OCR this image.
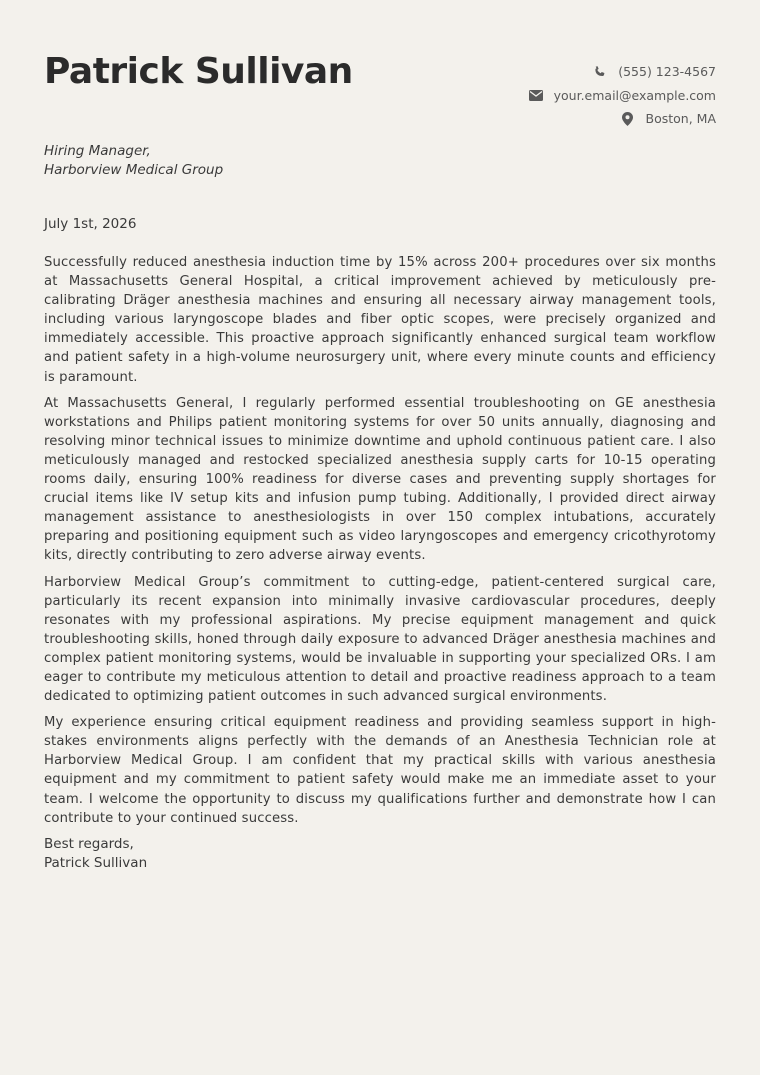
Patrick Sullivan	(555) 123-4567
your.email@example.com
Boston, MA
Hiring Manager,
Harborview Medical Group
July 1st, 2026

Successfully reduced anesthesia induction time by 15% across 200+ procedures over six months at Massachusetts General Hospital, a critical improvement achieved by meticulously pre-calibrating Dräger anesthesia machines and ensuring all necessary airway management tools, including various laryngoscope blades and fiber optic scopes, were precisely organized and immediately accessible. This proactive approach significantly enhanced surgical team workflow and patient safety in a high-volume neurosurgery unit, where every minute counts and efficiency is paramount.

At Massachusetts General, I regularly performed essential troubleshooting on GE anesthesia workstations and Philips patient monitoring systems for over 50 units annually, diagnosing and resolving minor technical issues to minimize downtime and uphold continuous patient care. I also meticulously managed and restocked specialized anesthesia supply carts for 10-15 operating rooms daily, ensuring 100% readiness for diverse cases and preventing supply shortages for crucial items like IV setup kits and infusion pump tubing. Additionally, I provided direct airway management assistance to anesthesiologists in over 150 complex intubations, accurately preparing and positioning equipment such as video laryngoscopes and emergency cricothyrotomy kits, directly contributing to zero adverse airway events.

Harborview Medical Group’s commitment to cutting-edge, patient-centered surgical care, particularly its recent expansion into minimally invasive cardiovascular procedures, deeply resonates with my professional aspirations. My precise equipment management and quick troubleshooting skills, honed through daily exposure to advanced Dräger anesthesia machines and complex patient monitoring systems, would be invaluable in supporting your specialized ORs. I am eager to contribute my meticulous attention to detail and proactive readiness approach to a team dedicated to optimizing patient outcomes in such advanced surgical environments.

My experience ensuring critical equipment readiness and providing seamless support in high-stakes environments aligns perfectly with the demands of an Anesthesia Technician role at Harborview Medical Group. I am confident that my practical skills with various anesthesia equipment and my commitment to patient safety would make me an immediate asset to your team. I welcome the opportunity to discuss my qualifications further and demonstrate how I can contribute to your continued success.

Best regards,
Patrick Sullivan
